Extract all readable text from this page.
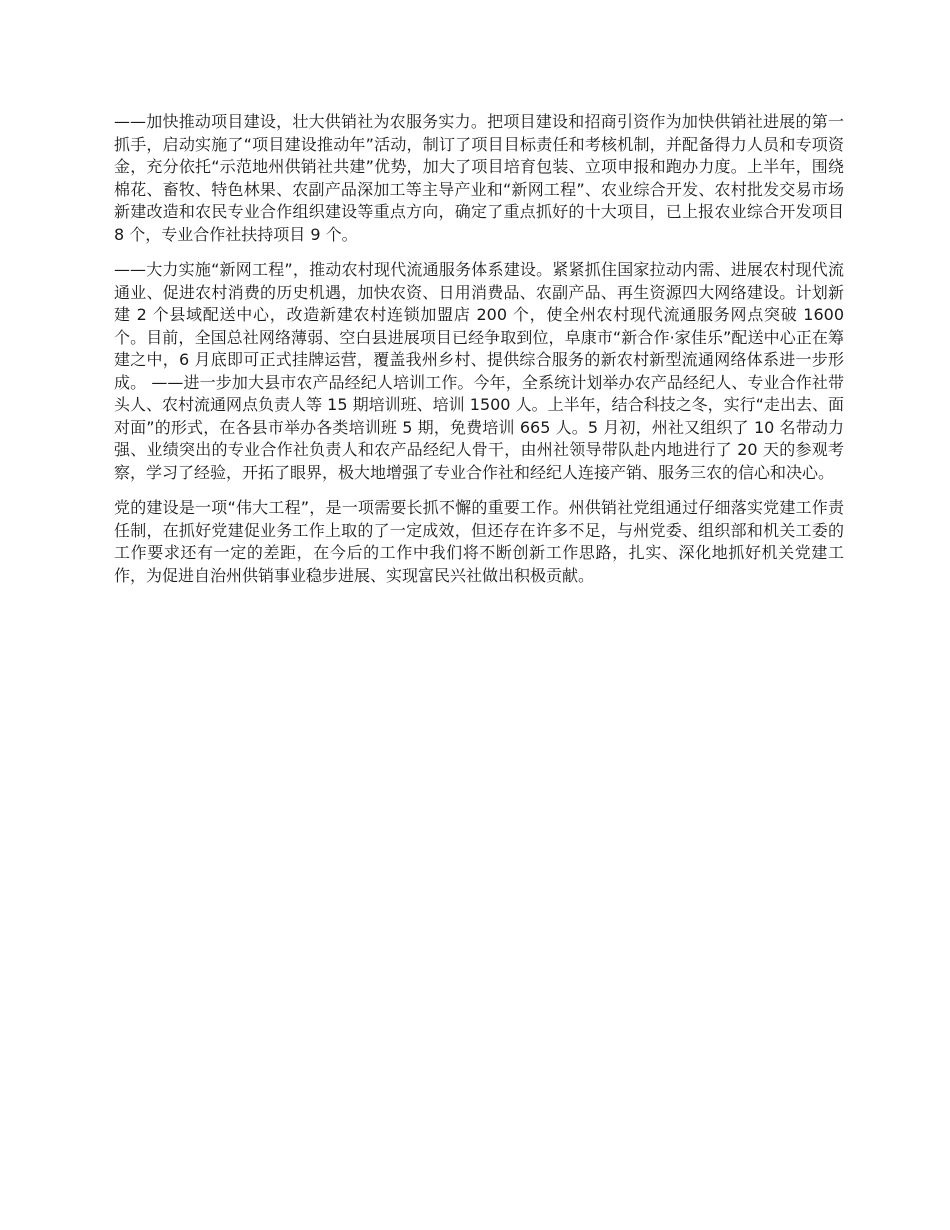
——加快推动项目建设，壮大供销社为农服务实力。把项目建设和招商引资作为加快供销社进展的第一抓手，启动实施了“项目建设推动年”活动，制订了项目目标责任和考核机制，并配备得力人员和专项资金，充分依托“示范地州供销社共建”优势，加大了项目培育包装、立项申报和跑办力度。上半年，围绕棉花、畜牧、特色林果、农副产品深加工等主导产业和“新网工程”、农业综合开发、农村批发交易市场新建改造和农民专业合作组织建设等重点方向，确定了重点抓好的十大项目，已上报农业综合开发项目 8 个，专业合作社扶持项目 9 个。

——大力实施“新网工程”，推动农村现代流通服务体系建设。紧紧抓住国家拉动内需、进展农村现代流通业、促进农村消费的历史机遇，加快农资、日用消费品、农副产品、再生资源四大网络建设。计划新建 2 个县域配送中心，改造新建农村连锁加盟店 200 个，使全州农村现代流通服务网点突破 1600 个。目前，全国总社网络薄弱、空白县进展项目已经争取到位，阜康市“新合作·家佳乐”配送中心正在筹建之中，6 月底即可正式挂牌运营，覆盖我州乡村、提供综合服务的新农村新型流通网络体系进一步形成。 ——进一步加大县市农产品经纪人培训工作。今年，全系统计划举办农产品经纪人、专业合作社带头人、农村流通网点负责人等 15 期培训班、培训 1500 人。上半年，结合科技之冬，实行“走出去、面对面”的形式，在各县市举办各类培训班 5 期，免费培训 665 人。5 月初，州社又组织了 10 名带动力强、业绩突出的专业合作社负责人和农产品经纪人骨干，由州社领导带队赴内地进行了 20 天的参观考察，学习了经验，开拓了眼界，极大地增强了专业合作社和经纪人连接产销、服务三农的信心和决心。

党的建设是一项“伟大工程”，是一项需要长抓不懈的重要工作。州供销社党组通过仔细落实党建工作责任制，在抓好党建促业务工作上取的了一定成效，但还存在许多不足，与州党委、组织部和机关工委的工作要求还有一定的差距，在今后的工作中我们将不断创新工作思路，扎实、深化地抓好机关党建工作，为促进自治州供销事业稳步进展、实现富民兴社做出积极贡献。
